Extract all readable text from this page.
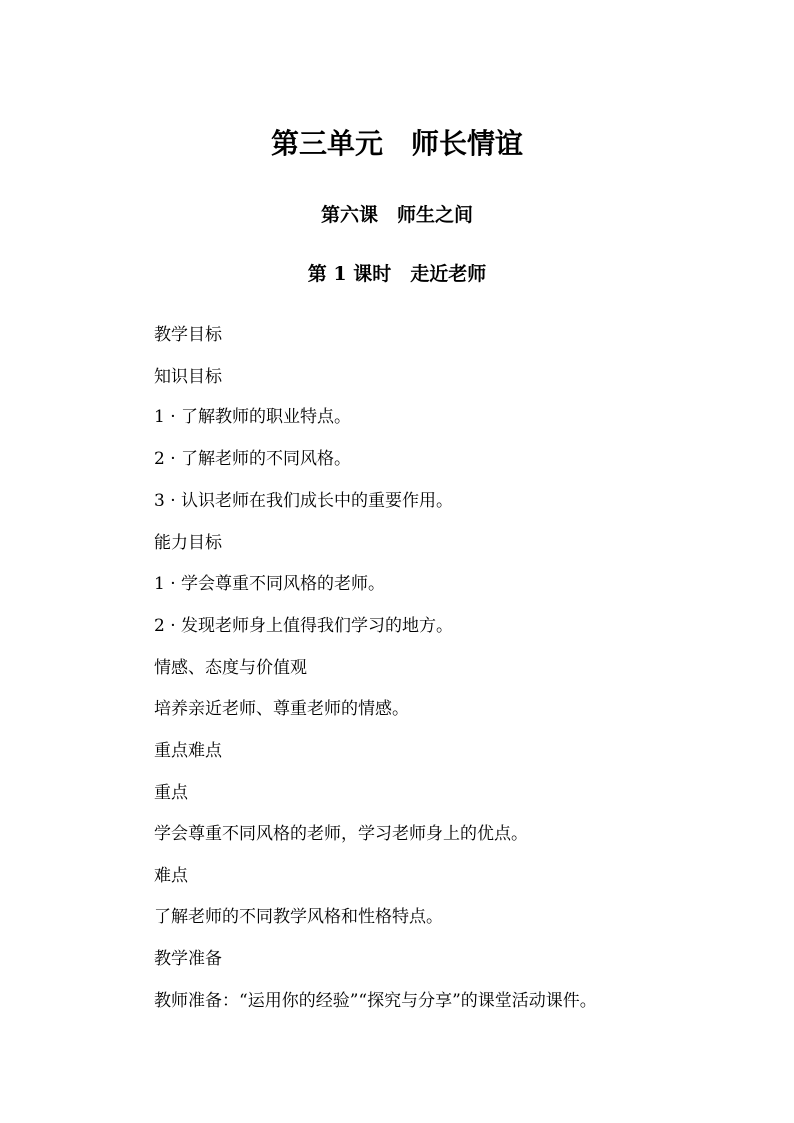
第三单元　师长情谊
第六课　师生之间
第 1 课时　走近老师
教学目标
知识目标
1 · 了解教师的职业特点。
2 · 了解老师的不同风格。
3 · 认识老师在我们成长中的重要作用。
能力目标
1 · 学会尊重不同风格的老师。
2 · 发现老师身上值得我们学习的地方。
情感、态度与价值观
培养亲近老师、尊重老师的情感。
重点难点
重点
学会尊重不同风格的老师，学习老师身上的优点。
难点
了解老师的不同教学风格和性格特点。
教学准备
教师准备：“运用你的经验”“探究与分享”的课堂活动课件。
